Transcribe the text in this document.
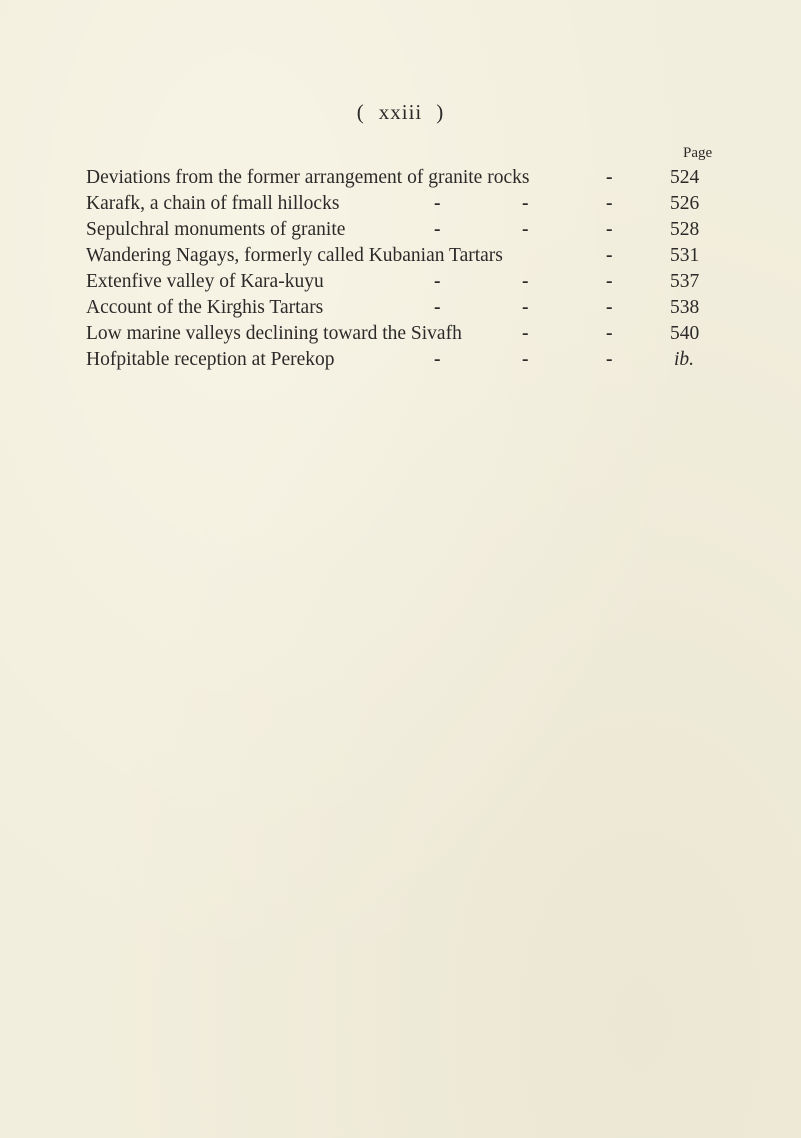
( xxiii )
Page
Deviations from the former arrangement of granite rocks	-	524
Karafk, a chain of fmall hillocks	-	-	-	526
Sepulchral monuments of granite	-	-	-	528
Wandering Nagays, formerly called Kubanian Tartars	-	531
Extenfive valley of Kara-kuyu	-	-	-	537
Account of the Kirghis Tartars	-	-	-	538
Low marine valleys declining toward the Sivafh	-	-	540
Hofpitable reception at Perekop	-	-	-	ib.
